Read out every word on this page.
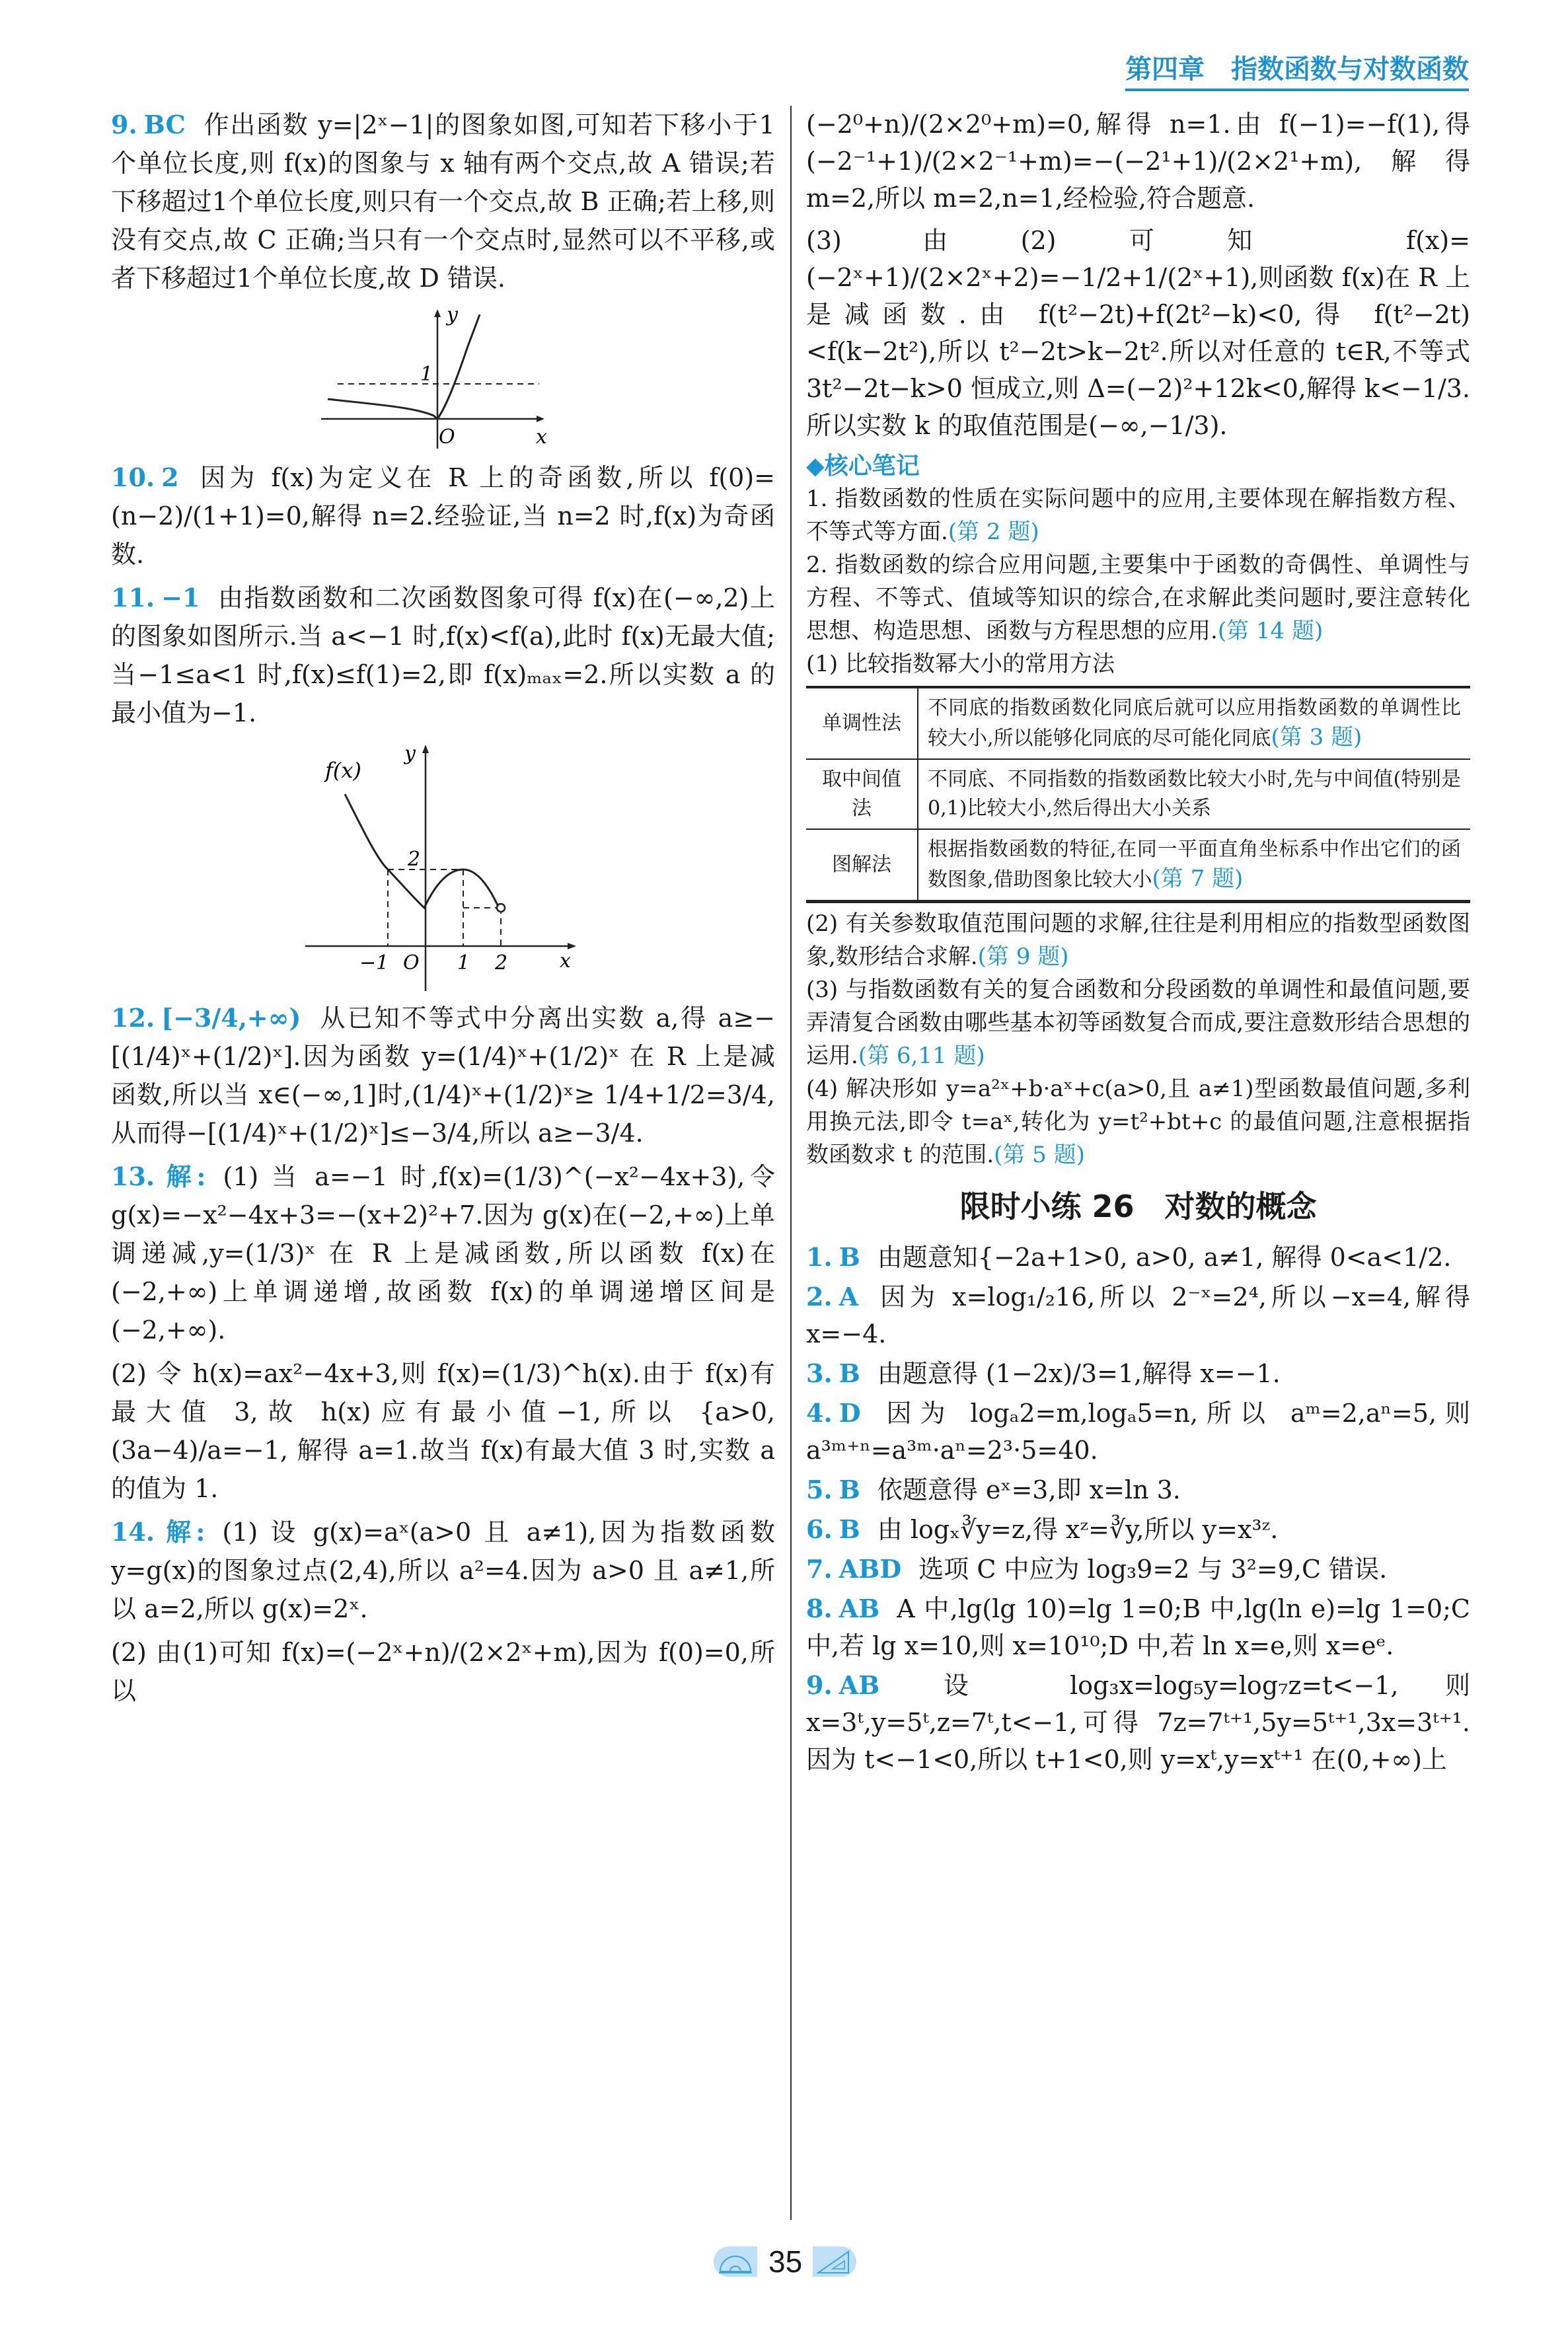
第四章　指数函数与对数函数
9. BC 作出函数 y=|2ˣ−1|的图象如图,可知若下移小于1个单位长度,则 f(x)的图象与 x 轴有两个交点,故 A 错误;若下移超过1个单位长度,则只有一个交点,故 B 正确;若上移,则没有交点,故 C 正确;当只有一个交点时,显然可以不平移,或者下移超过1个单位长度,故 D 错误.
y
1
O	x
10. 2 因为 f(x)为定义在 R 上的奇函数,所以 f(0)= (n−2)/(1+1)=0,解得 n=2.经验证,当 n=2 时,f(x)为奇函数.
11. −1 由指数函数和二次函数图象可得 f(x)在(−∞,2)上的图象如图所示.当 a<−1 时,f(x)<f(a),此时 f(x)无最大值;当−1≤a<1 时,f(x)≤f(1)=2,即 f(x)ₘₐₓ=2.所以实数 a 的最小值为−1.
f(x)
y
2
−1 O 1 2	x
12. [−3/4,+∞) 从已知不等式中分离出实数 a,得 a≥−[(1/4)ˣ+(1/2)ˣ].因为函数 y=(1/4)ˣ+(1/2)ˣ 在 R 上是减函数,所以当 x∈(−∞,1]时,(1/4)ˣ+(1/2)ˣ≥ 1/4+1/2=3/4,从而得−[(1/4)ˣ+(1/2)ˣ]≤−3/4,所以 a≥−3/4.
13. 解: (1) 当 a=−1 时,f(x)=(1/3)^(−x²−4x+3),令 g(x)=−x²−4x+3=−(x+2)²+7.因为 g(x)在(−2,+∞)上单调递减,y=(1/3)ˣ 在 R 上是减函数,所以函数 f(x)在(−2,+∞)上单调递增,故函数 f(x)的单调递增区间是(−2,+∞).
(2) 令 h(x)=ax²−4x+3,则 f(x)=(1/3)^h(x).由于 f(x)有最大值 3,故 h(x)应有最小值−1,所以 {a>0, (3a−4)/a=−1, 解得 a=1.故当 f(x)有最大值 3 时,实数 a 的值为 1.
14. 解: (1) 设 g(x)=aˣ(a>0 且 a≠1),因为指数函数 y=g(x)的图象过点(2,4),所以 a²=4.因为 a>0 且 a≠1,所以 a=2,所以 g(x)=2ˣ.
(2) 由(1)可知 f(x)=(−2ˣ+n)/(2×2ˣ+m),因为 f(0)=0,所以
(−2⁰+n)/(2×2⁰+m)=0,解得 n=1.由 f(−1)=−f(1),得 (−2⁻¹+1)/(2×2⁻¹+m)=−(−2¹+1)/(2×2¹+m),解得 m=2,所以 m=2,n=1,经检验,符合题意.
(3) 由(2)可知 f(x)=(−2ˣ+1)/(2×2ˣ+2)=−1/2+1/(2ˣ+1),则函数 f(x)在 R 上是减函数.由 f(t²−2t)+f(2t²−k)<0,得 f(t²−2t)<f(k−2t²),所以 t²−2t>k−2t².所以对任意的 t∈R,不等式 3t²−2t−k>0 恒成立,则 Δ=(−2)²+12k<0,解得 k<−1/3.所以实数 k 的取值范围是(−∞,−1/3).
◆核心笔记
1. 指数函数的性质在实际问题中的应用,主要体现在解指数方程、不等式等方面.(第 2 题)
2. 指数函数的综合应用问题,主要集中于函数的奇偶性、单调性与方程、不等式、值域等知识的综合,在求解此类问题时,要注意转化思想、构造思想、函数与方程思想的应用.(第 14 题)
(1) 比较指数幂大小的常用方法
单调性法	不同底的指数函数化同底后就可以应用指数函数的单调性比较大小,所以能够化同底的尽可能化同底(第 3 题)
取中间值法	不同底、不同指数的指数函数比较大小时,先与中间值(特别是0,1)比较大小,然后得出大小关系
图解法	根据指数函数的特征,在同一平面直角坐标系中作出它们的函数图象,借助图象比较大小(第 7 题)
(2) 有关参数取值范围问题的求解,往往是利用相应的指数型函数图象,数形结合求解.(第 9 题)
(3) 与指数函数有关的复合函数和分段函数的单调性和最值问题,要弄清复合函数由哪些基本初等函数复合而成,要注意数形结合思想的运用.(第 6,11 题)
(4) 解决形如 y=a²ˣ+b·aˣ+c(a>0,且 a≠1)型函数最值问题,多利用换元法,即令 t=aˣ,转化为 y=t²+bt+c 的最值问题,注意根据指数函数求 t 的范围.(第 5 题)
限时小练 26　对数的概念
1. B 由题意知{−2a+1>0, a>0, a≠1, 解得 0<a<1/2.
2. A 因为 x=log₁/₂16,所以 2⁻ˣ=2⁴,所以−x=4,解得 x=−4.
3. B 由题意得 (1−2x)/3=1,解得 x=−1.
4. D 因为 logₐ2=m,logₐ5=n,所以 aᵐ=2,aⁿ=5,则 a³ᵐ⁺ⁿ=a³ᵐ·aⁿ=2³·5=40.
5. B 依题意得 eˣ=3,即 x=ln 3.
6. B 由 logₓ∛y=z,得 xᶻ=∛y,所以 y=x³ᶻ.
7. ABD 选项 C 中应为 log₃9=2 与 3²=9,C 错误.
8. AB A 中,lg(lg 10)=lg 1=0;B 中,lg(ln e)=lg 1=0;C 中,若 lg x=10,则 x=10¹⁰;D 中,若 ln x=e,则 x=eᵉ.
9. AB 设 log₃x=log₅y=log₇z=t<−1,则 x=3ᵗ,y=5ᵗ,z=7ᵗ,t<−1,可得 7z=7ᵗ⁺¹,5y=5ᵗ⁺¹,3x=3ᵗ⁺¹.因为 t<−1<0,所以 t+1<0,则 y=xᵗ,y=xᵗ⁺¹ 在(0,+∞)上
35
